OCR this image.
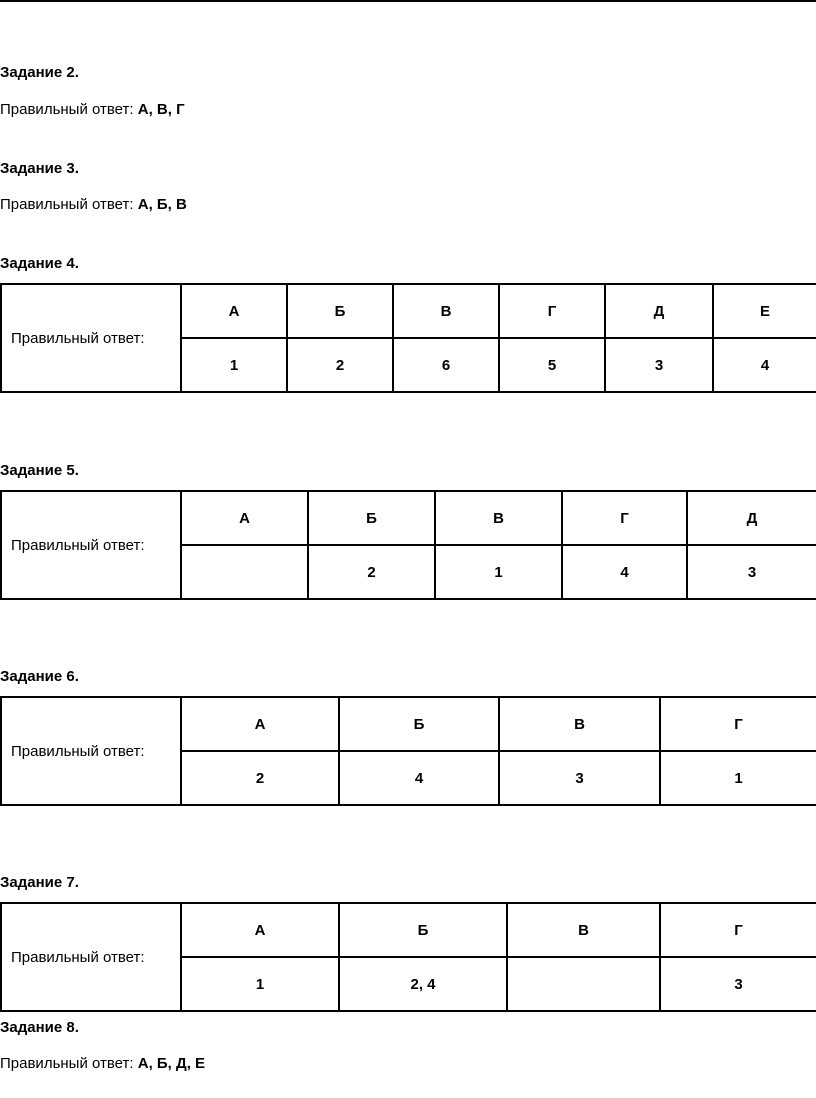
Задание 2.
Правильный ответ: А, В, Г
Задание 3.
Правильный ответ: А, Б, В
Задание 4.
Правильный ответ:	А	Б	В	Г	Д	Е
	1	2	6	5	3	4
Задание 5.
Правильный ответ:	А	Б	В	Г	Д
		2	1	4	3
Задание 6.
Правильный ответ:	А	Б	В	Г
	2	4	3	1
Задание 7.
Правильный ответ:	А	Б	В	Г
	1	2, 4		3
Задание 8.
Правильный ответ: А, Б, Д, Е
